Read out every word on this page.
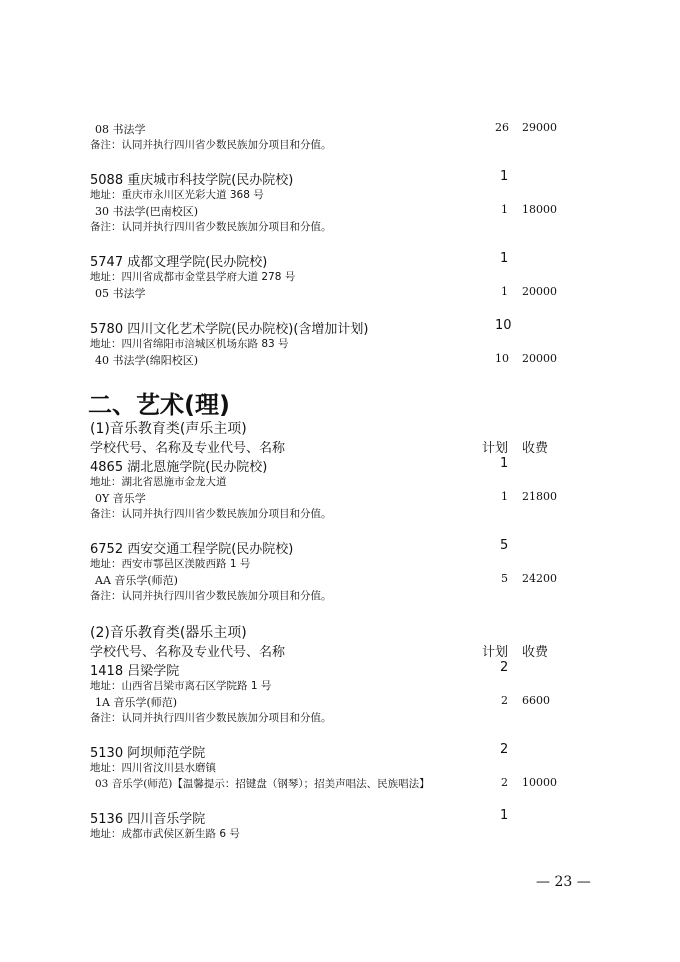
08 书法学	26 29000
备注：认同并执行四川省少数民族加分项目和分值。
5088 重庆城市科技学院(民办院校)	1
地址：重庆市永川区光彩大道 368 号
30 书法学(巴南校区)	1 18000
备注：认同并执行四川省少数民族加分项目和分值。
5747 成都文理学院(民办院校)	1
地址：四川省成都市金堂县学府大道 278 号
05 书法学	1 20000
5780 四川文化艺术学院(民办院校)(含增加计划)	10
地址：四川省绵阳市涪城区机场东路 83 号
40 书法学(绵阳校区)	10 20000
二、艺术(理)
(1)音乐教育类(声乐主项)
学校代号、名称及专业代号、名称	计划 收费
4865 湖北恩施学院(民办院校)	1
地址：湖北省恩施市金龙大道
0Y 音乐学	1 21800
备注：认同并执行四川省少数民族加分项目和分值。
6752 西安交通工程学院(民办院校)	5
地址：西安市鄠邑区渼陂西路 1 号
AA 音乐学(师范)	5 24200
备注：认同并执行四川省少数民族加分项目和分值。
(2)音乐教育类(器乐主项)
学校代号、名称及专业代号、名称	计划 收费
1418 吕梁学院	2
地址：山西省吕梁市离石区学院路 1 号
1A 音乐学(师范)	2 6600
备注：认同并执行四川省少数民族加分项目和分值。
5130 阿坝师范学院	2
地址：四川省汶川县水磨镇
03 音乐学(师范)【温馨提示：招键盘（钢琴）；招美声唱法、民族唱法】	2 10000
5136 四川音乐学院	1
地址：成都市武侯区新生路 6 号
— 23 —
